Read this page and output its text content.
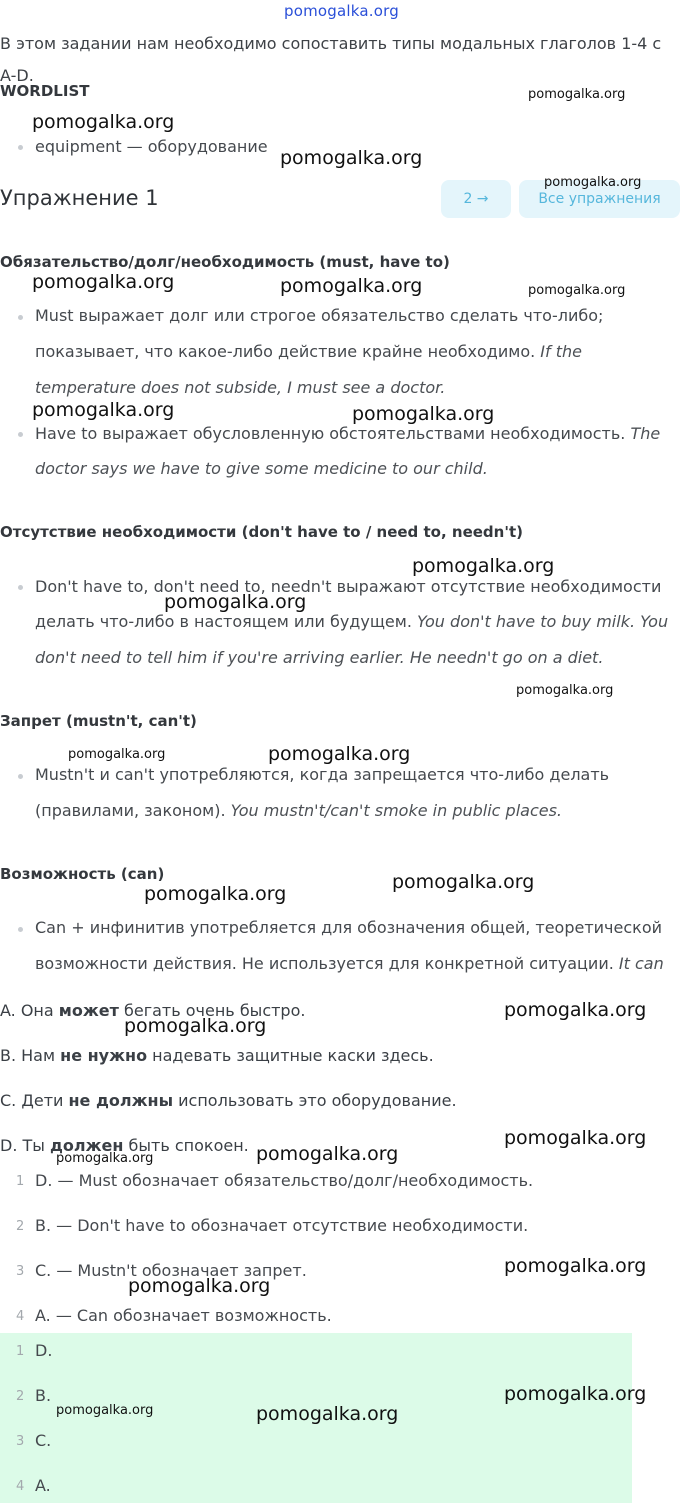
pomogalka.org
В этом задании нам необходимо сопоставить типы модальных глаголов 1-4 с
A-D.
WORDLIST
equipment — оборудование
Упражнение 1	2 →	Все упражнения
Обязательство/долг/необходимость (must, have to)
Must выражает долг или строгое обязательство сделать что-либо;
показывает, что какое-либо действие крайне необходимо. If the
temperature does not subside, I must see a doctor.
Have to выражает обусловленную обстоятельствами необходимость. The
doctor says we have to give some medicine to our child.
Отсутствие необходимости (don't have to / need to, needn't)
Don't have to, don't need to, needn't выражают отсутствие необходимости
делать что-либо в настоящем или будущем. You don't have to buy milk. You
don't need to tell him if you're arriving earlier. He needn't go on a diet.
Запрет (mustn't, can't)
Mustn't и can't употребляются, когда запрещается что-либо делать
(правилами, законом). You mustn't/can't smoke in public places.
Возможность (can)
Can + инфинитив употребляется для обозначения общей, теоретической
возможности действия. Не используется для конкретной ситуации. It can
A. Она может бегать очень быстро.
B. Нам не нужно надевать защитные каски здесь.
C. Дети не должны использовать это оборудование.
D. Ты должен быть спокоен.
1 D. — Must обозначает обязательство/долг/необходимость.
2 B. — Don't have to обозначает отсутствие необходимости.
3 C. — Mustn't обозначает запрет.
4 A. — Can обозначает возможность.
1 D.
2 B.
3 C.
4 A.
pomogalka.org
pomogalka.org
pomogalka.org
pomogalka.org
pomogalka.org	pomogalka.org	pomogalka.org
pomogalka.org	pomogalka.org
pomogalka.org
pomogalka.org
pomogalka.org
pomogalka.org	pomogalka.org
pomogalka.org
pomogalka.org
pomogalka.org
pomogalka.org
pomogalka.org
pomogalka.org
pomogalka.org
pomogalka.org
pomogalka.org
pomogalka.org
pomogalka.org	pomogalka.org
